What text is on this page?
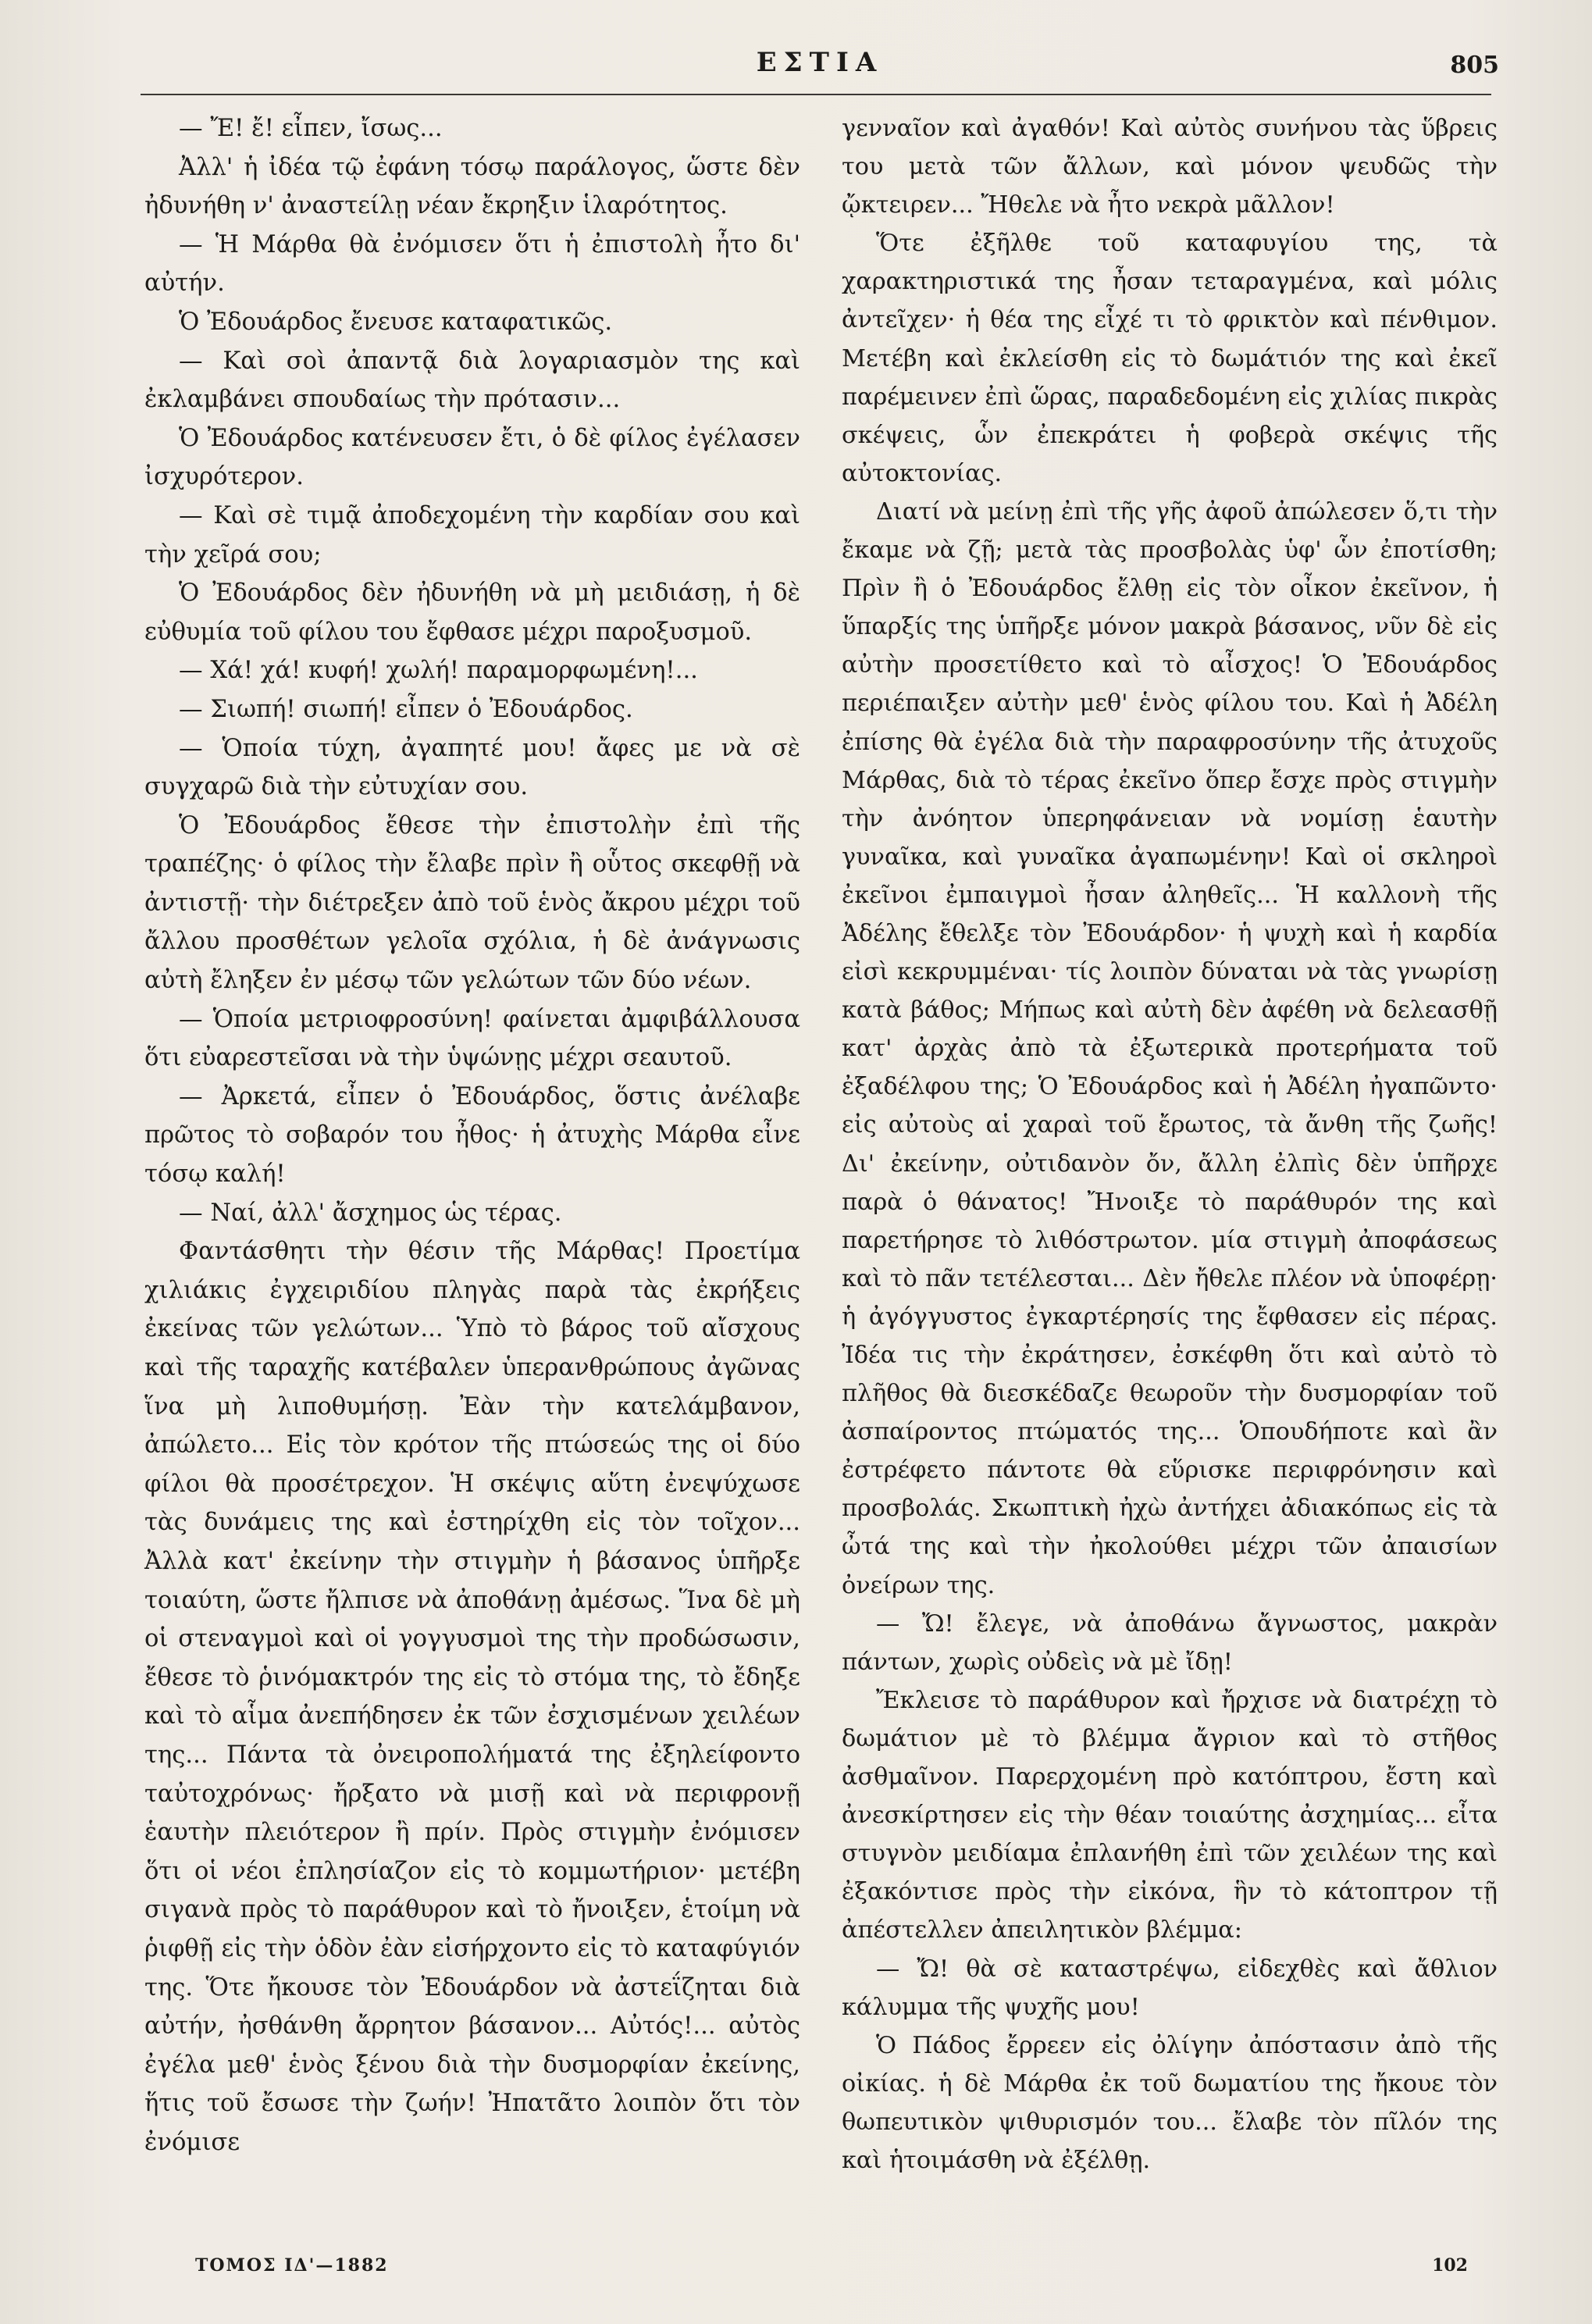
ΕΣΤΙΑ	805

— Ἔ! ἔ! εἶπεν, ἴσως...

Ἀλλ' ἡ ἰδέα τῷ ἐφάνη τόσῳ παράλογος, ὥστε δὲν ἠδυνήθη ν' ἀναστείλῃ νέαν ἔκρηξιν ἱλαρότητος.

— Ἡ Μάρθα θὰ ἐνόμισεν ὅτι ἡ ἐπιστολὴ ἦτο δι' αὐτήν.

Ὁ Ἐδουάρδος ἔνευσε καταφατικῶς.

— Καὶ σοὶ ἀπαντᾷ διὰ λογαριασμὸν της καὶ ἐκλαμβάνει σπουδαίως τὴν πρότασιν...

Ὁ Ἐδουάρδος κατένευσεν ἔτι, ὁ δὲ φίλος ἐγέλασεν ἰσχυρότερον.

— Καὶ σὲ τιμᾷ ἀποδεχομένη τὴν καρδίαν σου καὶ τὴν χεῖρά σου;

Ὁ Ἐδουάρδος δὲν ἠδυνήθη νὰ μὴ μειδιάσῃ, ἡ δὲ εὐθυμία τοῦ φίλου του ἔφθασε μέχρι παροξυσμοῦ.

— Χά! χά! κυφή! χωλή! παραμορφωμένη!...

— Σιωπή! σιωπή! εἶπεν ὁ Ἐδουάρδος.

— Ὁποία τύχη, ἀγαπητέ μου! ἄφες με νὰ σὲ συγχαρῶ διὰ τὴν εὐτυχίαν σου.

Ὁ Ἐδουάρδος ἔθεσε τὴν ἐπιστολὴν ἐπὶ τῆς τραπέζης· ὁ φίλος τὴν ἔλαβε πρὶν ἢ οὗτος σκεφθῇ νὰ ἀντιστῇ· τὴν διέτρεξεν ἀπὸ τοῦ ἑνὸς ἄκρου μέχρι τοῦ ἄλλου προσθέτων γελοῖα σχόλια, ἡ δὲ ἀνάγνωσις αὐτὴ ἔληξεν ἐν μέσῳ τῶν γελώτων τῶν δύο νέων.

— Ὁποία μετριοφροσύνη! φαίνεται ἀμφιβάλλουσα ὅτι εὐαρεστεῖσαι νὰ τὴν ὑψώνῃς μέχρι σεαυτοῦ.

— Ἀρκετά, εἶπεν ὁ Ἐδουάρδος, ὅστις ἀνέλαβε πρῶτος τὸ σοβαρόν του ἦθος· ἡ ἀτυχὴς Μάρθα εἶνε τόσῳ καλή!

— Ναί, ἀλλ' ἄσχημος ὡς τέρας.

Φαντάσθητι τὴν θέσιν τῆς Μάρθας! Προετίμα χιλιάκις ἐγχειριδίου πληγὰς παρὰ τὰς ἐκρήξεις ἐκείνας τῶν γελώτων... Ὑπὸ τὸ βάρος τοῦ αἴσχους καὶ τῆς ταραχῆς κατέβαλεν ὑπερανθρώπους ἀγῶνας ἵνα μὴ λιποθυμήσῃ. Ἐὰν τὴν κατελάμβανον, ἀπώλετο... Εἰς τὸν κρότον τῆς πτώσεώς της οἱ δύο φίλοι θὰ προσέτρεχον. Ἡ σκέψις αὕτη ἐνεψύχωσε τὰς δυνάμεις της καὶ ἐστηρίχθη εἰς τὸν τοῖχον... Ἀλλὰ κατ' ἐκείνην τὴν στιγμὴν ἡ βάσανος ὑπῆρξε τοιαύτη, ὥστε ἤλπισε νὰ ἀποθάνῃ ἀμέσως. Ἵνα δὲ μὴ οἱ στεναγμοὶ καὶ οἱ γογγυσμοὶ της τὴν προδώσωσιν, ἔθεσε τὸ ῥινόμακτρόν της εἰς τὸ στόμα της, τὸ ἔδηξε καὶ τὸ αἷμα ἀνεπήδησεν ἐκ τῶν ἐσχισμένων χειλέων της... Πάντα τὰ ὀνειροπολήματά της ἐξηλείφοντο ταὐτοχρόνως· ἤρξατο νὰ μισῇ καὶ νὰ περιφρονῇ ἑαυτὴν πλειότερον ἢ πρίν. Πρὸς στιγμὴν ἐνόμισεν ὅτι οἱ νέοι ἐπλησίαζον εἰς τὸ κομμωτήριον· μετέβη σιγανὰ πρὸς τὸ παράθυρον καὶ τὸ ἤνοιξεν, ἑτοίμη νὰ ῥιφθῇ εἰς τὴν ὁδὸν ἐὰν εἰσήρχοντο εἰς τὸ καταφύγιόν της. Ὅτε ἤκουσε τὸν Ἐδουάρδον νὰ ἀστεΐζηται διὰ αὐτήν, ἠσθάνθη ἄρρητον βάσανον... Αὐτός!... αὐτὸς ἐγέλα μεθ' ἑνὸς ξένου διὰ τὴν δυσμορφίαν ἐκείνης, ἥτις τοῦ ἔσωσε τὴν ζωήν! Ἠπατᾶτο λοιπὸν ὅτι τὸν ἐνόμισε

γενναῖον καὶ ἀγαθόν! Καὶ αὐτὸς συνήνου τὰς ὕβρεις του μετὰ τῶν ἄλλων, καὶ μόνον ψευδῶς τὴν ᾤκτειρεν... Ἤθελε νὰ ἦτο νεκρὰ μᾶλλον!

Ὅτε ἐξῆλθε τοῦ καταφυγίου της, τὰ χαρακτηριστικά της ἦσαν τεταραγμένα, καὶ μόλις ἀντεῖχεν· ἡ θέα της εἶχέ τι τὸ φρικτὸν καὶ πένθιμον. Μετέβη καὶ ἐκλείσθη εἰς τὸ δωμάτιόν της καὶ ἐκεῖ παρέμεινεν ἐπὶ ὥρας, παραδεδομένη εἰς χιλίας πικρὰς σκέψεις, ὧν ἐπεκράτει ἡ φοβερὰ σκέψις τῆς αὐτοκτονίας.

Διατί νὰ μείνῃ ἐπὶ τῆς γῆς ἀφοῦ ἀπώλεσεν ὅ,τι τὴν ἔκαμε νὰ ζῇ; μετὰ τὰς προσβολὰς ὑφ' ὧν ἐποτίσθη; Πρὶν ἢ ὁ Ἐδουάρδος ἔλθῃ εἰς τὸν οἶκον ἐκεῖνον, ἡ ὕπαρξίς της ὑπῆρξε μόνον μακρὰ βάσανος, νῦν δὲ εἰς αὐτὴν προσετίθετο καὶ τὸ αἶσχος! Ὁ Ἐδουάρδος περιέπαιξεν αὐτὴν μεθ' ἑνὸς φίλου του. Καὶ ἡ Ἀδέλη ἐπίσης θὰ ἐγέλα διὰ τὴν παραφροσύνην τῆς ἀτυχοῦς Μάρθας, διὰ τὸ τέρας ἐκεῖνο ὅπερ ἔσχε πρὸς στιγμὴν τὴν ἀνόητον ὑπερηφάνειαν νὰ νομίσῃ ἑαυτὴν γυναῖκα, καὶ γυναῖκα ἀγαπωμένην! Καὶ οἱ σκληροὶ ἐκεῖνοι ἐμπαιγμοὶ ἦσαν ἀληθεῖς... Ἡ καλλονὴ τῆς Ἀδέλης ἔθελξε τὸν Ἐδουάρδον· ἡ ψυχὴ καὶ ἡ καρδία εἰσὶ κεκρυμμέναι· τίς λοιπὸν δύναται νὰ τὰς γνωρίσῃ κατὰ βάθος; Μήπως καὶ αὐτὴ δὲν ἀφέθη νὰ δελεασθῇ κατ' ἀρχὰς ἀπὸ τὰ ἐξωτερικὰ προτερήματα τοῦ ἐξαδέλφου της; Ὁ Ἐδουάρδος καὶ ἡ Ἀδέλη ἠγαπῶντο· εἰς αὐτοὺς αἱ χαραὶ τοῦ ἔρωτος, τὰ ἄνθη τῆς ζωῆς! Δι' ἐκείνην, οὐτιδανὸν ὄν, ἄλλη ἐλπὶς δὲν ὑπῆρχε παρὰ ὁ θάνατος! Ἤνοιξε τὸ παράθυρόν της καὶ παρετήρησε τὸ λιθόστρωτον. μία στιγμὴ ἀποφάσεως καὶ τὸ πᾶν τετέλεσται... Δὲν ἤθελε πλέον νὰ ὑποφέρῃ· ἡ ἀγόγγυστος ἐγκαρτέρησίς της ἔφθασεν εἰς πέρας. Ἰδέα τις τὴν ἐκράτησεν, ἐσκέφθη ὅτι καὶ αὐτὸ τὸ πλῆθος θὰ διεσκέδαζε θεωροῦν τὴν δυσμορφίαν τοῦ ἀσπαίροντος πτώματός της... Ὁπουδήποτε καὶ ἂν ἐστρέφετο πάντοτε θὰ εὕρισκε περιφρόνησιν καὶ προσβολάς. Σκωπτικὴ ἠχὼ ἀντήχει ἀδιακόπως εἰς τὰ ὦτά της καὶ τὴν ἠκολούθει μέχρι τῶν ἀπαισίων ὀνείρων της.

— Ὤ! ἔλεγε, νὰ ἀποθάνω ἄγνωστος, μακρὰν πάντων, χωρὶς οὐδεὶς νὰ μὲ ἴδῃ!

Ἔκλεισε τὸ παράθυρον καὶ ἤρχισε νὰ διατρέχῃ τὸ δωμάτιον μὲ τὸ βλέμμα ἄγριον καὶ τὸ στῆθος ἀσθμαῖνον. Παρερχομένη πρὸ κατόπτρου, ἔστη καὶ ἀνεσκίρτησεν εἰς τὴν θέαν τοιαύτης ἀσχημίας... εἶτα στυγνὸν μειδίαμα ἐπλανήθη ἐπὶ τῶν χειλέων της καὶ ἐξακόντισε πρὸς τὴν εἰκόνα, ἣν τὸ κάτοπτρον τῇ ἀπέστελλεν ἀπειλητικὸν βλέμμα:

— Ὤ! θὰ σὲ καταστρέψω, εἰδεχθὲς καὶ ἄθλιον κάλυμμα τῆς ψυχῆς μου!

Ὁ Πάδος ἔρρεεν εἰς ὀλίγην ἀπόστασιν ἀπὸ τῆς οἰκίας. ἡ δὲ Μάρθα ἐκ τοῦ δωματίου της ἤκουε τὸν θωπευτικὸν ψιθυρισμόν του... ἔλαβε τὸν πῖλόν της καὶ ἡτοιμάσθη νὰ ἐξέλθῃ.

ΤΟΜΟΣ ΙΔ'—1882	102
